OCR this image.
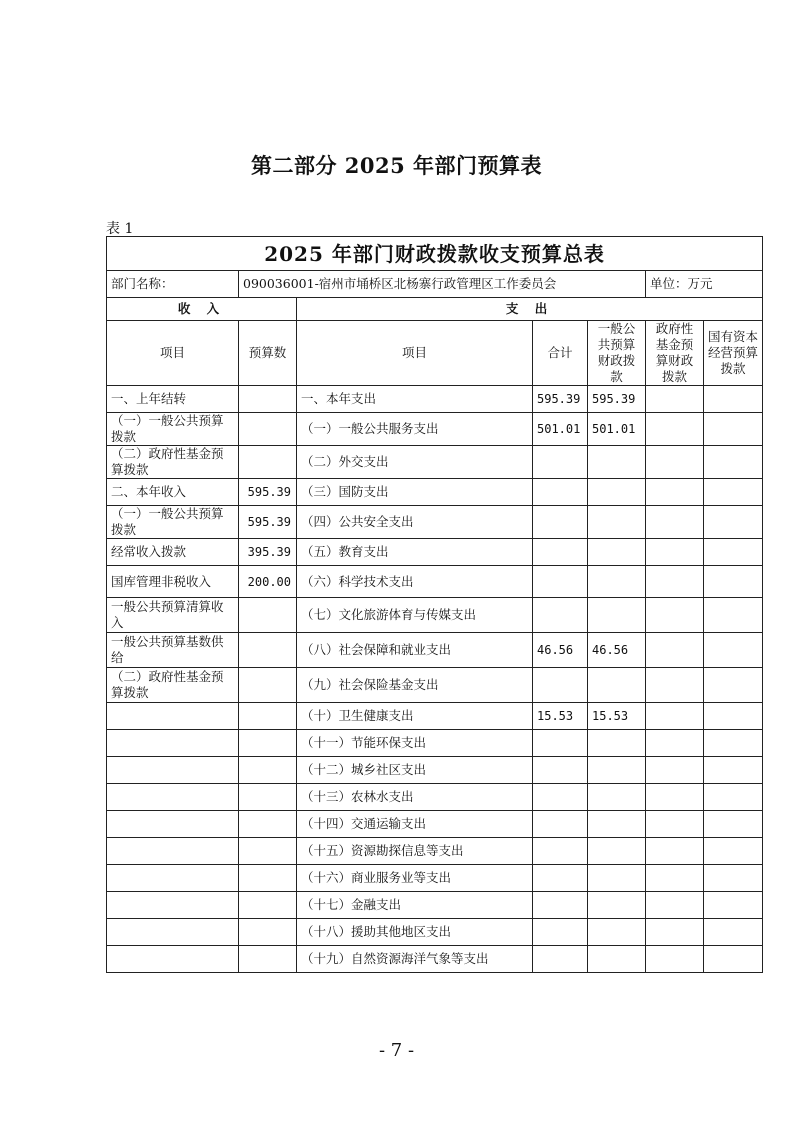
第二部分 2025 年部门预算表
表 1
2025 年部门财政拨款收支预算总表						
部门名称：	090036001-宿州市埇桥区北杨寨行政管理区工作委员会				单位：万元	
收 入		支 出				
项目	预算数	项目	合计	一般公共预算财政拨款	政府性基金预算财政拨款	国有资本经营预算拨款
一、上年结转		一、本年支出	595.39	595.39		
（一）一般公共预算拨款		（一）一般公共服务支出	501.01	501.01		
（二）政府性基金预算拨款		（二）外交支出				
二、本年收入	595.39	（三）国防支出				
（一）一般公共预算拨款	595.39	（四）公共安全支出				
经常收入拨款	395.39	（五）教育支出				
国库管理非税收入	200.00	（六）科学技术支出				
一般公共预算清算收入		（七）文化旅游体育与传媒支出				
一般公共预算基数供给		（八）社会保障和就业支出	46.56	46.56		
（二）政府性基金预算拨款		（九）社会保险基金支出				
		（十）卫生健康支出	15.53	15.53		
		（十一）节能环保支出				
		（十二）城乡社区支出				
		（十三）农林水支出				
		（十四）交通运输支出				
		（十五）资源勘探信息等支出				
		（十六）商业服务业等支出				
		（十七）金融支出				
		（十八）援助其他地区支出				
		（十九）自然资源海洋气象等支出				
- 7 -
